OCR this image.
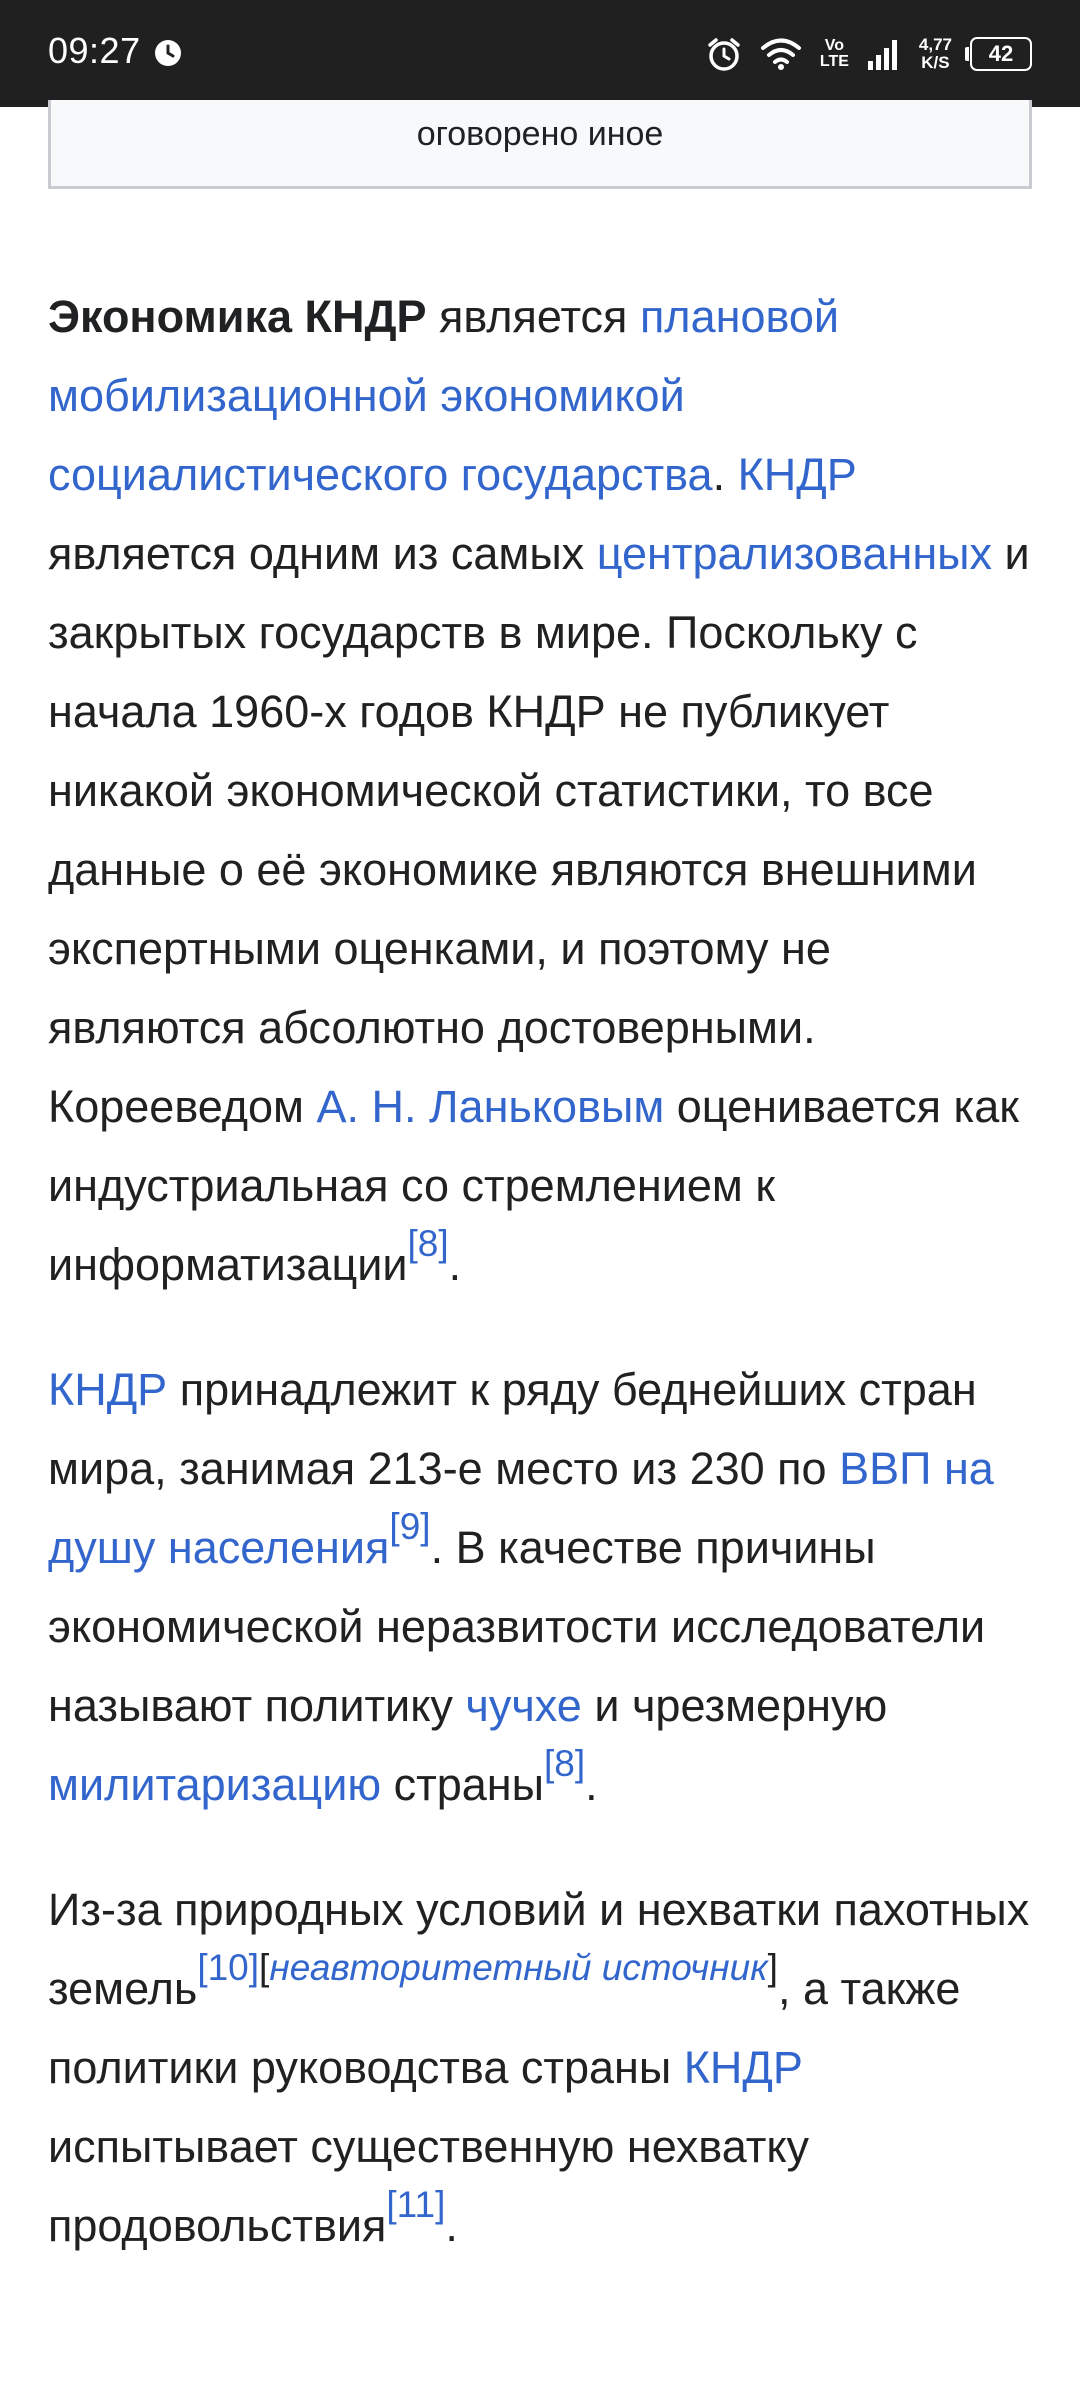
09:27	Vo
LTE
4,77
K/S	42
оговорено иное

Экономика КНДР является плановой мобилизационной экономикой социалистического государства. КНДР является одним из самых централизованных и закрытых государств в мире. Поскольку с начала 1960-х годов КНДР не публикует никакой экономической статистики, то все данные о её экономике являются внешними экспертными оценками, и поэтому не являются абсолютно достоверными. Корееведом А. Н. Ланьковым оценивается как индустриальная со стремлением к информатизации[8].

КНДР принадлежит к ряду беднейших стран мира, занимая 213-е место из 230 по ВВП на душу населения[9]. В качестве причины экономической неразвитости исследователи называют политику чучхе и чрезмерную милитаризацию страны[8].

Из-за природных условий и нехватки пахотных земель[10][неавторитетный источник], а также политики руководства страны КНДР испытывает существенную нехватку продовольствия[11].
